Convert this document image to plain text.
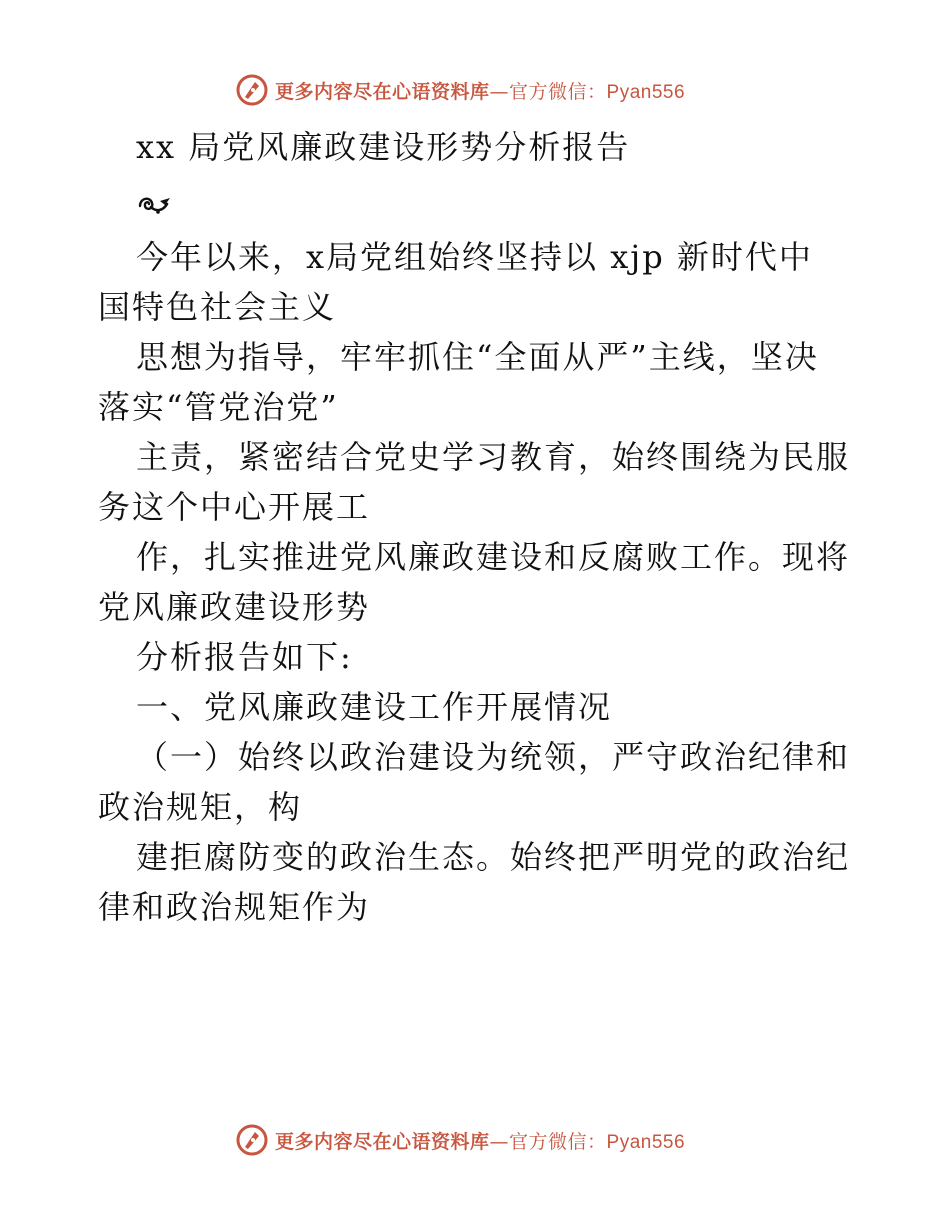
更多内容尽在心语资料库—官方微信：Pyan556
xx 局党风廉政建设形势分析报告
今年以来，x局党组始终坚持以 xjp 新时代中
国特色社会主义
思想为指导，牢牢抓住“全面从严”主线，坚决
落实“管党治党”
主责，紧密结合党史学习教育，始终围绕为民服
务这个中心开展工
作，扎实推进党风廉政建设和反腐败工作。现将
党风廉政建设形势
分析报告如下:
一、党风廉政建设工作开展情况
（一）始终以政治建设为统领，严守政治纪律和
政治规矩，构
建拒腐防变的政治生态。始终把严明党的政治纪
律和政治规矩作为
更多内容尽在心语资料库—官方微信：Pyan556
